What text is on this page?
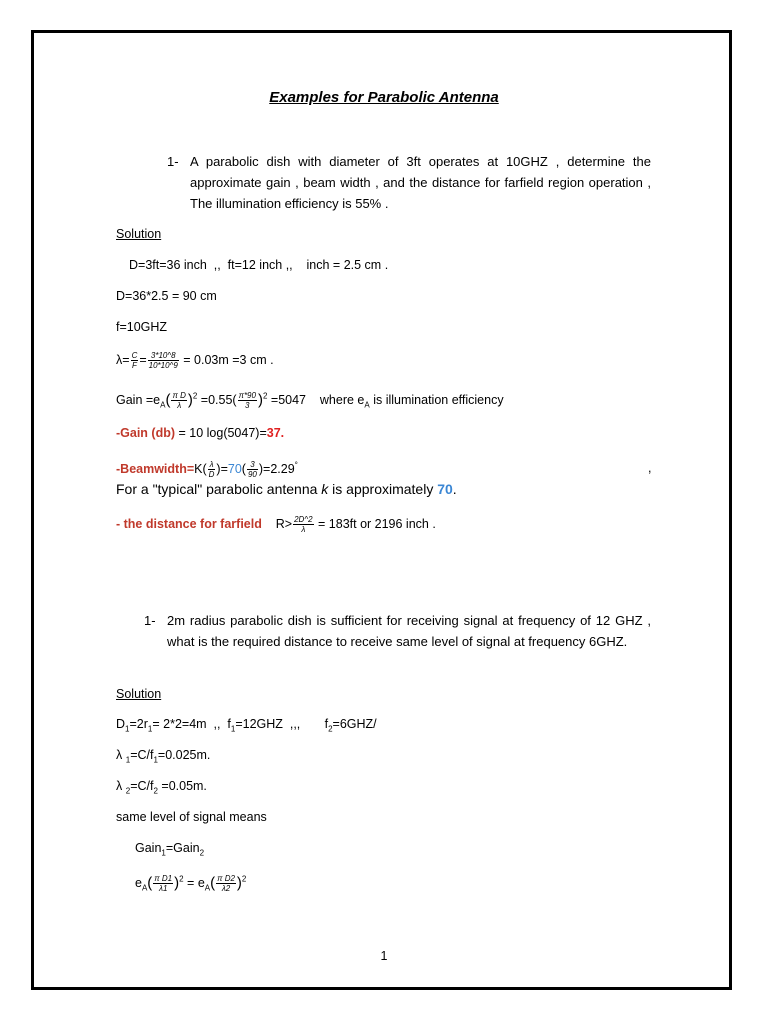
Examples for Parabolic Antenna
1- A parabolic dish with diameter of 3ft operates at 10GHZ , determine the approximate gain , beam width , and the distance for farfield region operation , The illumination efficiency is 55% .
Solution
D=3ft=36 inch  ,,  ft=12 inch ,,    inch = 2.5 cm .
D=36*2.5 = 90 cm
f=10GHZ
$\lambda= \frac{C}{F} = \frac{3*10\^{}8}{10*10\^{}9} = 0.03m =3$ cm .
Gain $=e_A( \frac{\text{π D}}{\lambda} )^2 =0.55( \frac{\pi*90}{3} )^2 =5047$ where $e_A$ is illumination efficiency
-Gain (db) = 10 log(5047)=37.
-Beamwidth=K( $\frac{\lambda}{D} )=70( \frac{3}{90} )=2.29^\circ$	,
For a "typical" parabolic antenna k is approximately 70.
- the distance for farfield $R> \frac{2D\^{}2}{\lambda} = 183ft$ or 2196 inch .
1- 2m radius parabolic dish is sufficient for receiving signal at frequency of 12 GHZ , what is the required distance to receive same level of signal at frequency 6GHZ.
Solution
$D_1=2r_1= 2*2=4m$  ,,  $f_1=12GHZ$  ,,,       $f_2=6GHZ/$
λ $_1=C/f_1=0.025m$.
λ $_2=C/f_2 =0.05m$.
same level of signal means
Gain$_1$=Gain$_2$
$e_A( \frac{\text{π D1}}{\lambda 1} )^2 = e_A( \frac{\text{π D2}}{\lambda 2} )^2$
1
